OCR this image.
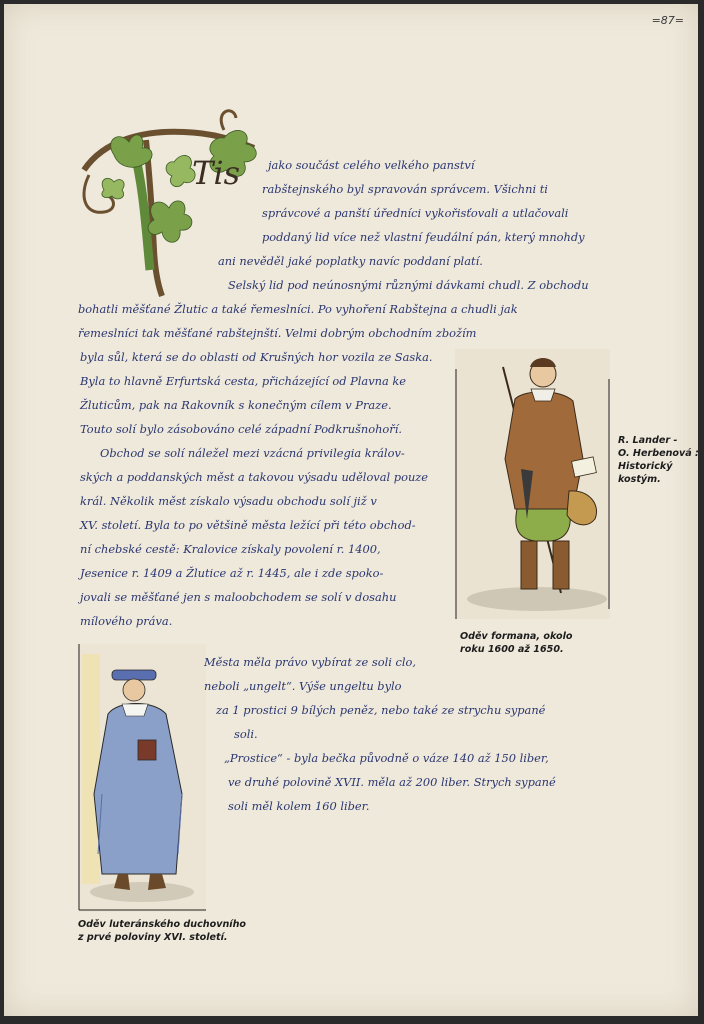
=87=
Tis jako součást celého velkého panství
rabštejnského byl spravován správcem. Všichni ti
správcové a panští úředníci vykořisťovali a utlačovali
poddaný lid více než vlastní feudální pán, který mnohdy
ani nevěděl jaké poplatky navíc poddaní platí.
Selský lid pod neúnosnými různými dávkami chudl. Z obchodu
bohatli měšťané Žlutic a také řemeslníci. Po vyhoření Rabštejna a chudli jak
řemeslníci tak měšťané rabštejnští. Velmi dobrým obchodním zbožím
byla sůl, která se do oblasti od Krušných hor vozila ze Saska.
Byla to hlavně Erfurtská cesta, přicházející od Plavna ke
Žluticům, pak na Rakovník s konečným cílem v Praze.
Touto solí bylo zásobováno celé západní Podkrušnohoří.
Obchod se solí náležel mezi vzácná privilegia králov-
ských a poddanských měst a takovou výsadu uděloval pouze
král. Několik měst získalo výsadu obchodu solí již v
XV. století. Byla to po většině města ležící při této obchod-
ní chebské cestě: Kralovice získaly povolení r. 1400,
Jesenice r. 1409 a Žlutice až r. 1445, ale i zde spoko-
jovali se měšťané jen s maloobchodem se solí v dosahu
mílového práva.
R. Lander -
O. Herbenová :
Historický
kostým.
Oděv formana, okolo
roku 1600 až 1650.
Oděv luteránského duchovního
z prvé poloviny XVI. století.
Města měla právo vybírat ze soli clo,
neboli „ungelt“. Výše ungeltu bylo
za 1 prostici 9 bílých peněz, nebo také ze strychu sypané
soli.
„Prostice“ - byla bečka původně o váze 140 až 150 liber,
ve druhé polovině XVII. měla až 200 liber. Strych sypané
soli měl kolem 160 liber.
